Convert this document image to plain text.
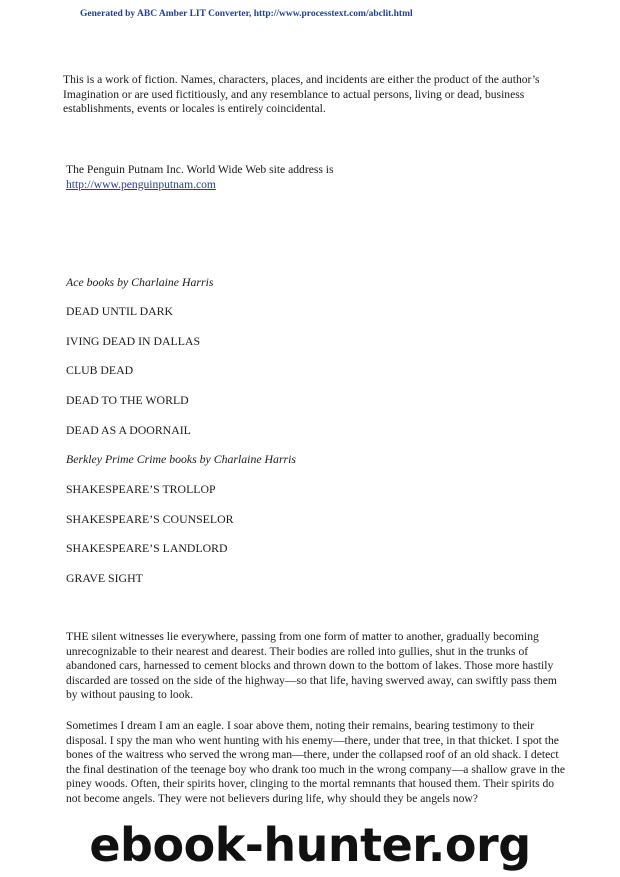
Generated by ABC Amber LIT Converter, http://www.processtext.com/abclit.html
This is a work of fiction. Names, characters, places, and incidents are either the product of the author’s Imagination or are used fictitiously, and any resemblance to actual persons, living or dead, business establishments, events or locales is entirely coincidental.
The Penguin Putnam Inc. World Wide Web site address is
http://www.penguinputnam.com
Ace books by Charlaine Harris
DEAD UNTIL DARK
IVING DEAD IN DALLAS
CLUB DEAD
DEAD TO THE WORLD
DEAD AS A DOORNAIL
Berkley Prime Crime books by Charlaine Harris
SHAKESPEARE’S TROLLOP
SHAKESPEARE’S COUNSELOR
SHAKESPEARE’S LANDLORD
GRAVE SIGHT
THE silent witnesses lie everywhere, passing from one form of matter to another, gradually becoming unrecognizable to their nearest and dearest. Their bodies are rolled into gullies, shut in the trunks of abandoned cars, harnessed to cement blocks and thrown down to the bottom of lakes. Those more hastily discarded are tossed on the side of the highway—so that life, having swerved away, can swiftly pass them by without pausing to look.
Sometimes I dream I am an eagle. I soar above them, noting their remains, bearing testimony to their disposal. I spy the man who went hunting with his enemy—there, under that tree, in that thicket. I spot the bones of the waitress who served the wrong man—there, under the collapsed roof of an old shack. I detect the final destination of the teenage boy who drank too much in the wrong company—a shallow grave in the piney woods. Often, their spirits hover, clinging to the mortal remnants that housed them. Their spirits do not become angels. They were not believers during life, why should they be angels now?
ebook-hunter.org
